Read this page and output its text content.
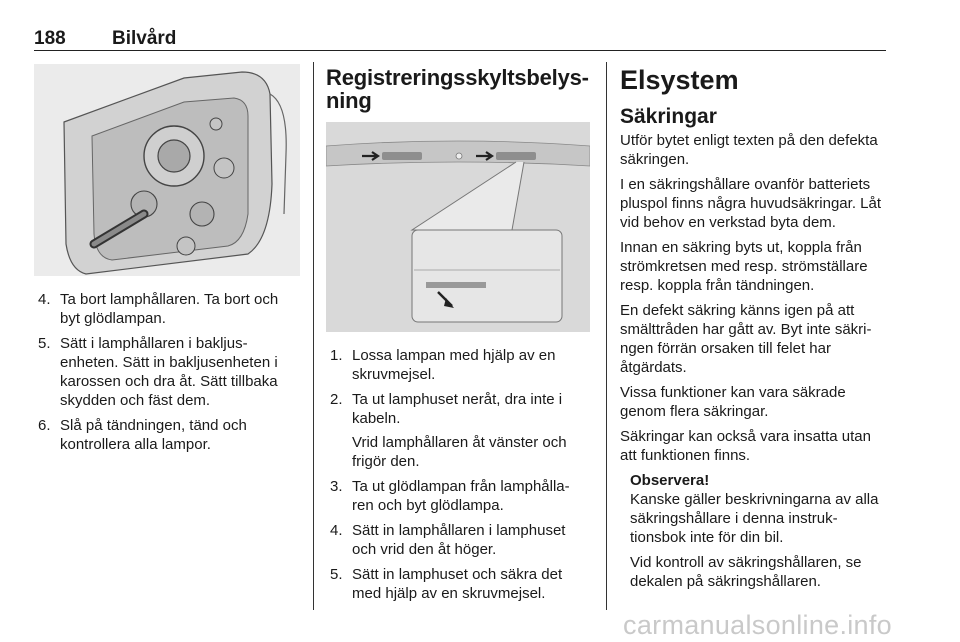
188 Bilvård
4. Ta bort lamphållaren. Ta bort och byt glödlampan.
5. Sätt i lamphållaren i bakljus-enheten. Sätt in bakljusenheten i karossen och dra åt. Sätt tillbaka skydden och fäst dem.
6. Slå på tändningen, tänd och kontrollera alla lampor.
Registreringsskyltsbelys-ning
1. Lossa lampan med hjälp av en skruvmejsel.
2. Ta ut lamphuset neråt, dra inte i kabeln.
Vrid lamphållaren åt vänster och frigör den.
3. Ta ut glödlampan från lamphålla-ren och byt glödlampa.
4. Sätt in lamphållaren i lamphuset och vrid den åt höger.
5. Sätt in lamphuset och säkra det med hjälp av en skruvmejsel.
Elsystem
Säkringar

Utför bytet enligt texten på den defekta säkringen.

I en säkringshållare ovanför batteriets pluspol finns några huvudsäkringar. Låt vid behov en verkstad byta dem.

Innan en säkring byts ut, koppla från strömkretsen med resp. strömställare resp. koppla från tändningen.

En defekt säkring känns igen på att smälttråden har gått av. Byt inte säkri-ngen förrän orsaken till felet har åtgärdats.

Vissa funktioner kan vara säkrade genom flera säkringar.

Säkringar kan också vara insatta utan att funktionen finns.

Observera!

Kanske gäller beskrivningarna av alla säkringshållare i denna instruk-tionsbok inte för din bil.

Vid kontroll av säkringshållaren, se dekalen på säkringshållaren.

carmanualsonline.info
